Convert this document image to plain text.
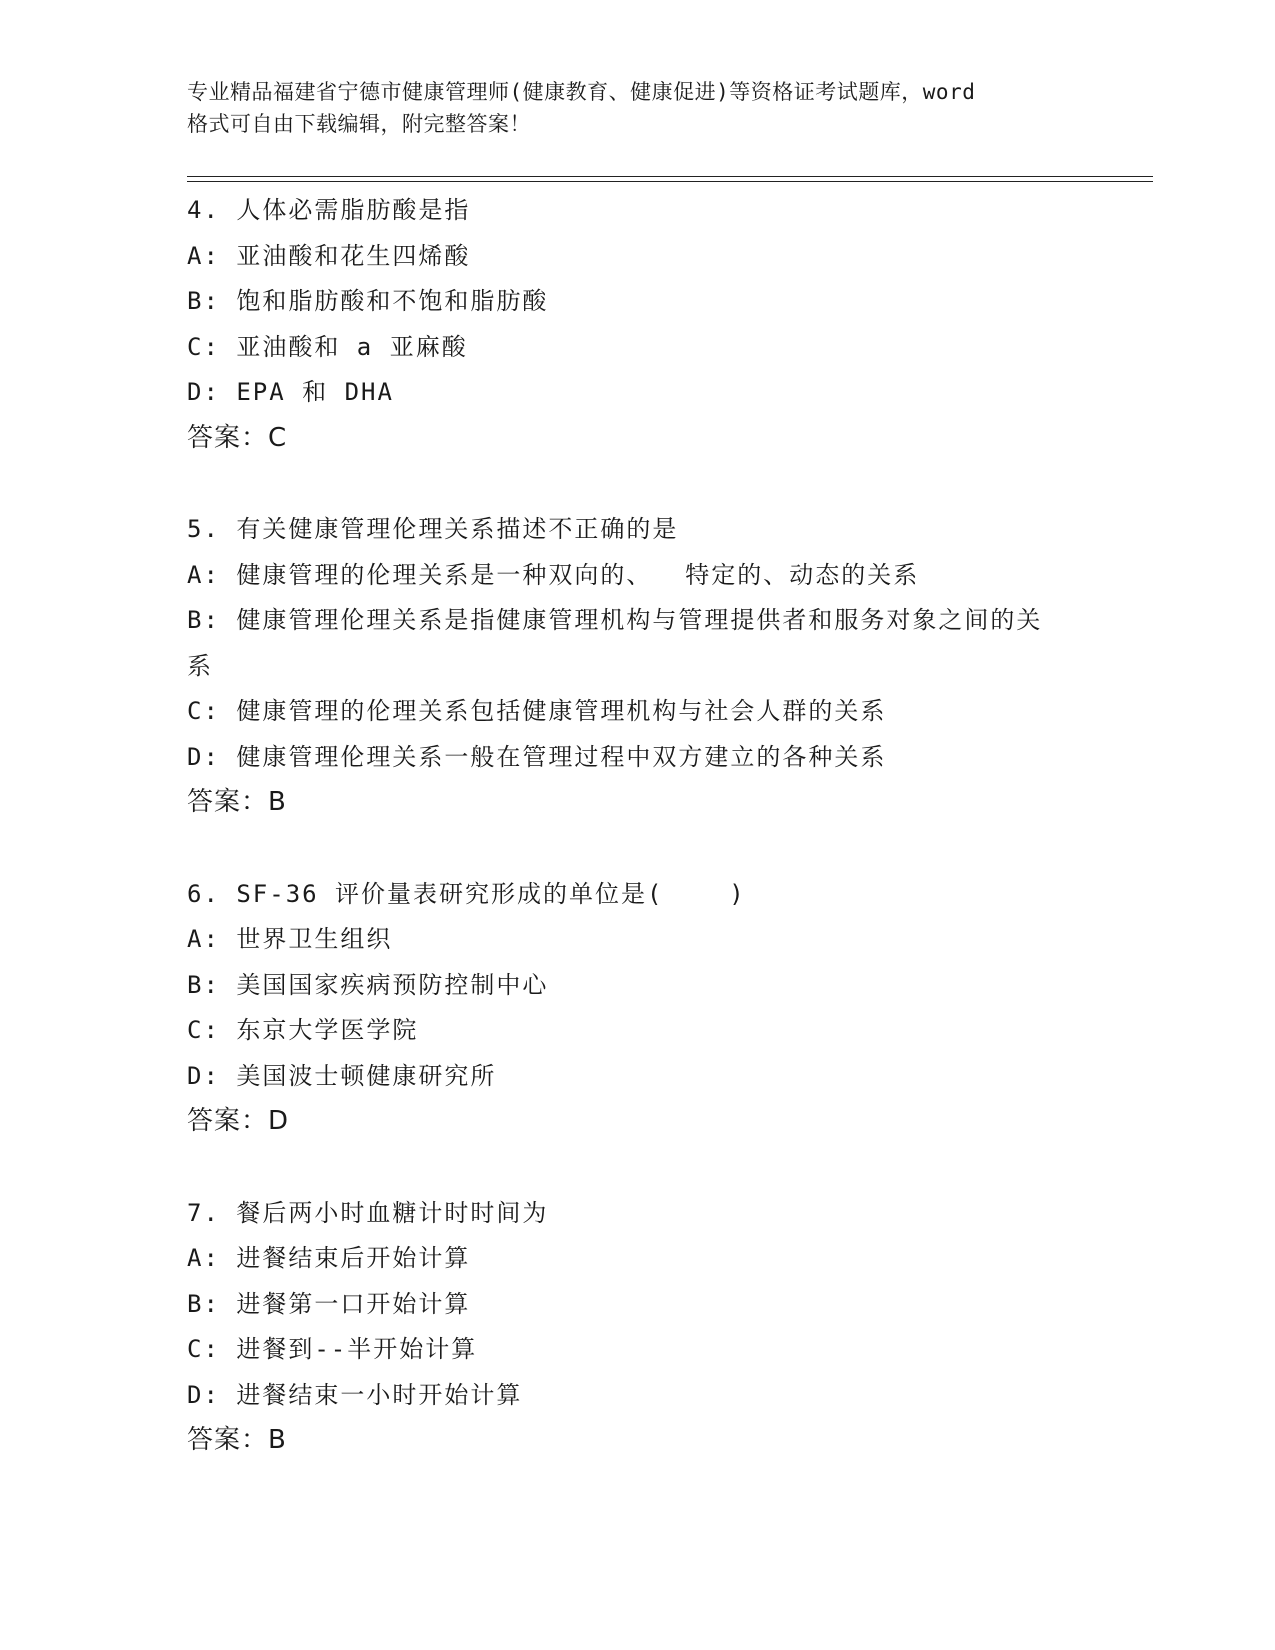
专业精品福建省宁德市健康管理师(健康教育、健康促进)等资格证考试题库，word
格式可自由下载编辑，附完整答案！
4. 人体必需脂肪酸是指
A: 亚油酸和花生四烯酸
B: 饱和脂肪酸和不饱和脂肪酸
C: 亚油酸和 a 亚麻酸
D: EPA 和 DHA
答案：C
5. 有关健康管理伦理关系描述不正确的是
A: 健康管理的伦理关系是一种双向的、  特定的、动态的关系
B: 健康管理伦理关系是指健康管理机构与管理提供者和服务对象之间的关系
C: 健康管理的伦理关系包括健康管理机构与社会人群的关系
D: 健康管理伦理关系一般在管理过程中双方建立的各种关系
答案：B
6. SF-36 评价量表研究形成的单位是(    )
A: 世界卫生组织
B: 美国国家疾病预防控制中心
C: 东京大学医学院
D: 美国波士顿健康研究所
答案：D
7. 餐后两小时血糖计时时间为
A: 进餐结束后开始计算
B: 进餐第一口开始计算
C: 进餐到--半开始计算
D: 进餐结束一小时开始计算
答案：B
